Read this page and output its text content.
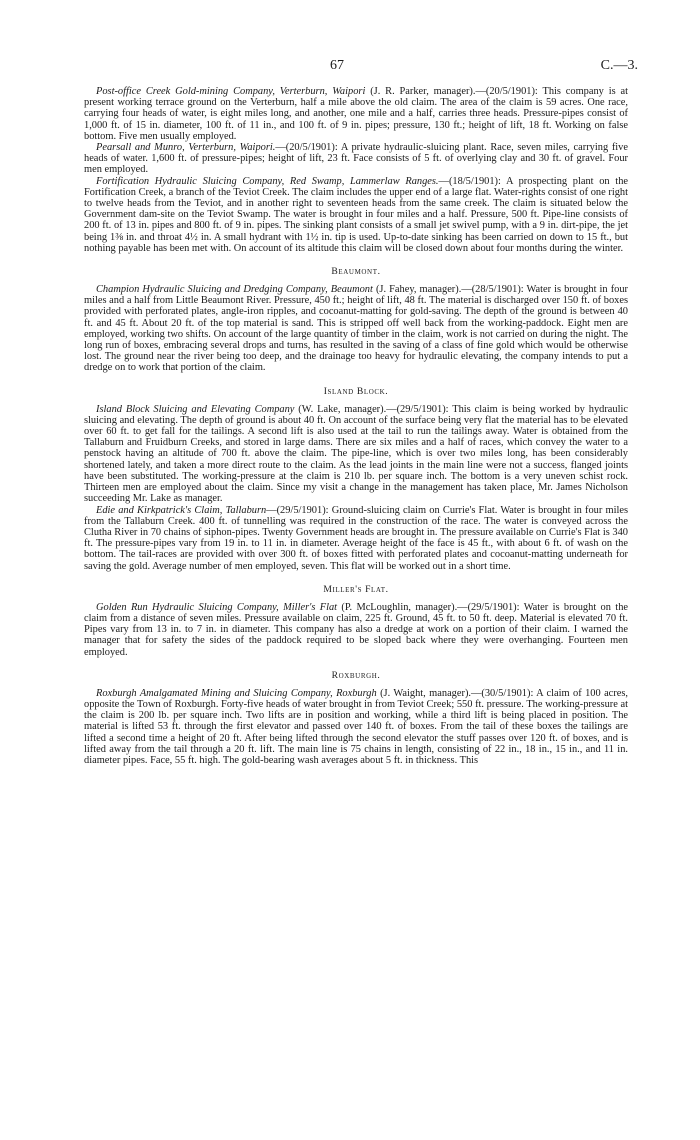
67	C.—3.

Post-office Creek Gold-mining Company, Verterburn, Waipori (J. R. Parker, manager).—(20/5/1901): This company is at present working terrace ground on the Verterburn, half a mile above the old claim. The area of the claim is 59 acres. One race, carrying four heads of water, is eight miles long, and another, one mile and a half, carries three heads. Pressure-pipes consist of 1,000 ft. of 15 in. diameter, 100 ft. of 11 in., and 100 ft. of 9 in. pipes; pressure, 130 ft.; height of lift, 18 ft. Working on false bottom. Five men usually employed.

Pearsall and Munro, Verterburn, Waipori.—(20/5/1901): A private hydraulic-sluicing plant. Race, seven miles, carrying five heads of water. 1,600 ft. of pressure-pipes; height of lift, 23 ft. Face consists of 5 ft. of overlying clay and 30 ft. of gravel. Four men employed.

Fortification Hydraulic Sluicing Company, Red Swamp, Lammerlaw Ranges.—(18/5/1901): A prospecting plant on the Fortification Creek, a branch of the Teviot Creek. The claim includes the upper end of a large flat. Water-rights consist of one right to twelve heads from the Teviot, and in another right to seventeen heads from the same creek. The claim is situated below the Government dam-site on the Teviot Swamp. The water is brought in four miles and a half. Pressure, 500 ft. Pipe-line consists of 200 ft. of 13 in. pipes and 800 ft. of 9 in. pipes. The sinking plant consists of a small jet swivel pump, with a 9 in. dirt-pipe, the jet being 1⅜ in. and throat 4½ in. A small hydrant with 1½ in. tip is used. Up-to-date sinking has been carried on down to 15 ft., but nothing payable has been met with. On account of its altitude this claim will be closed down about four months during the winter.

Beaumont.

Champion Hydraulic Sluicing and Dredging Company, Beaumont (J. Fahey, manager).—(28/5/1901): Water is brought in four miles and a half from Little Beaumont River. Pressure, 450 ft.; height of lift, 48 ft. The material is discharged over 150 ft. of boxes provided with perforated plates, angle-iron ripples, and cocoanut-matting for gold-saving. The depth of the ground is between 40 ft. and 45 ft. About 20 ft. of the top material is sand. This is stripped off well back from the working-paddock. Eight men are employed, working two shifts. On account of the large quantity of timber in the claim, work is not carried on during the night. The long run of boxes, embracing several drops and turns, has resulted in the saving of a class of fine gold which would be otherwise lost. The ground near the river being too deep, and the drainage too heavy for hydraulic elevating, the company intends to put a dredge on to work that portion of the claim.

Island Block.

Island Block Sluicing and Elevating Company (W. Lake, manager).—(29/5/1901): This claim is being worked by hydraulic sluicing and elevating. The depth of ground is about 40 ft. On account of the surface being very flat the material has to be elevated over 60 ft. to get fall for the tailings. A second lift is also used at the tail to run the tailings away. Water is obtained from the Tallaburn and Fruidburn Creeks, and stored in large dams. There are six miles and a half of races, which convey the water to a penstock having an altitude of 700 ft. above the claim. The pipe-line, which is over two miles long, has been considerably shortened lately, and taken a more direct route to the claim. As the lead joints in the main line were not a success, flanged joints have been substituted. The working-pressure at the claim is 210 lb. per square inch. The bottom is a very uneven schist rock. Thirteen men are employed about the claim. Since my visit a change in the management has taken place, Mr. James Nicholson succeeding Mr. Lake as manager.

Edie and Kirkpatrick's Claim, Tallaburn—(29/5/1901): Ground-sluicing claim on Currie's Flat. Water is brought in four miles from the Tallaburn Creek. 400 ft. of tunnelling was required in the construction of the race. The water is conveyed across the Clutha River in 70 chains of siphon-pipes. Twenty Government heads are brought in. The pressure available on Currie's Flat is 340 ft. The pressure-pipes vary from 19 in. to 11 in. in diameter. Average height of the face is 45 ft., with about 6 ft. of wash on the bottom. The tail-races are provided with over 300 ft. of boxes fitted with perforated plates and cocoanut-matting underneath for saving the gold. Average number of men employed, seven. This flat will be worked out in a short time.

Miller's Flat.

Golden Run Hydraulic Sluicing Company, Miller's Flat (P. McLoughlin, manager).—(29/5/1901): Water is brought on the claim from a distance of seven miles. Pressure available on claim, 225 ft. Ground, 45 ft. to 50 ft. deep. Material is elevated 70 ft. Pipes vary from 13 in. to 7 in. in diameter. This company has also a dredge at work on a portion of their claim. I warned the manager that for safety the sides of the paddock required to be sloped back where they were overhanging. Fourteen men employed.

Roxburgh.

Roxburgh Amalgamated Mining and Sluicing Company, Roxburgh (J. Waight, manager).—(30/5/1901): A claim of 100 acres, opposite the Town of Roxburgh. Forty-five heads of water brought in from Teviot Creek; 550 ft. pressure. The working-pressure at the claim is 200 lb. per square inch. Two lifts are in position and working, while a third lift is being placed in position. The material is lifted 53 ft. through the first elevator and passed over 140 ft. of boxes. From the tail of these boxes the tailings are lifted a second time a height of 20 ft. After being lifted through the second elevator the stuff passes over 120 ft. of boxes, and is lifted away from the tail through a 20 ft. lift. The main line is 75 chains in length, consisting of 22 in., 18 in., 15 in., and 11 in. diameter pipes. Face, 55 ft. high. The gold-bearing wash averages about 5 ft. in thickness. This
